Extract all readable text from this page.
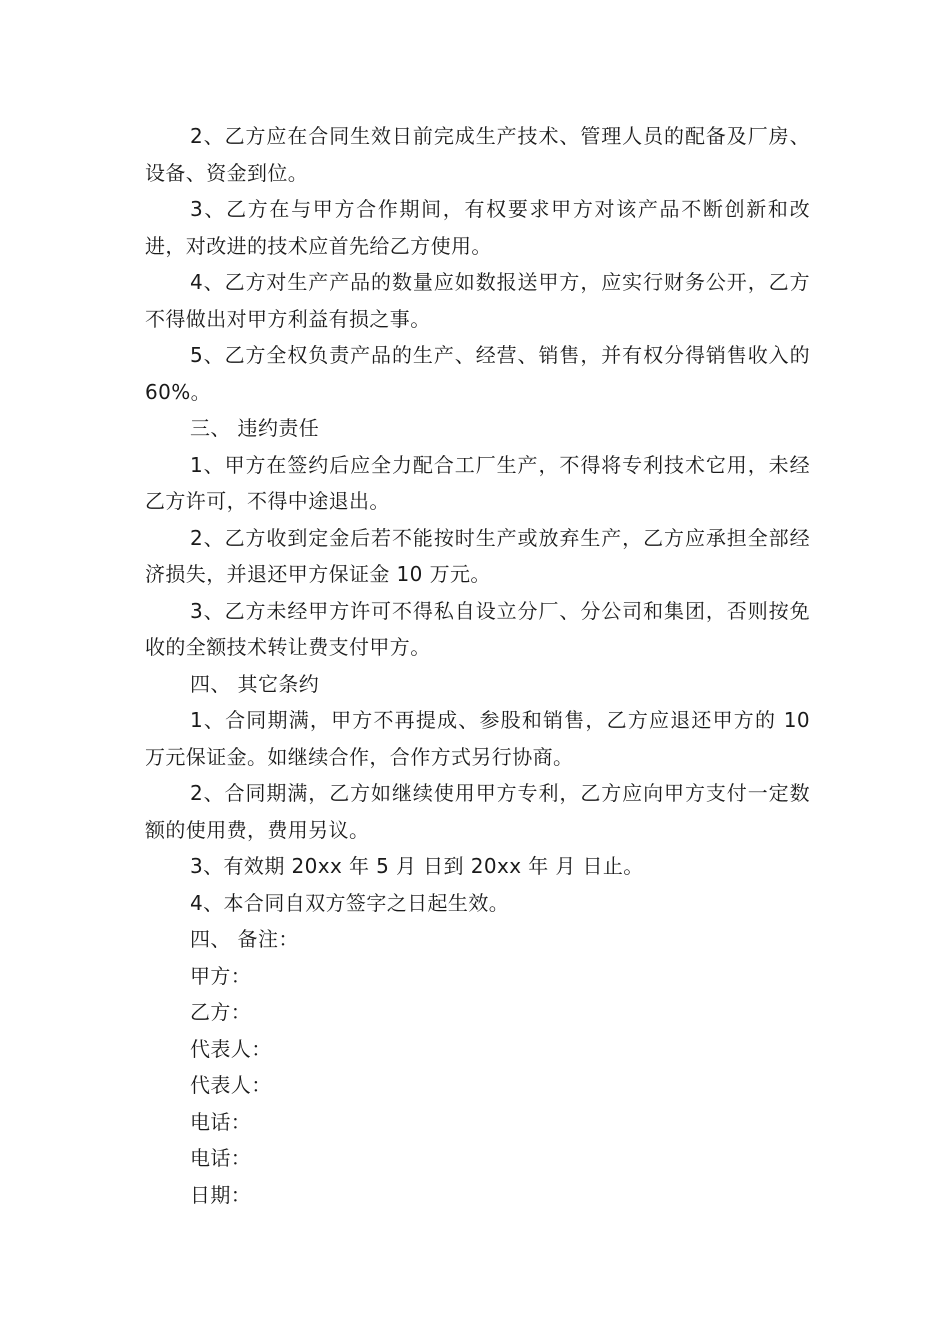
2、乙方应在合同生效日前完成生产技术、管理人员的配备及厂房、设备、资金到位。

3、乙方在与甲方合作期间，有权要求甲方对该产品不断创新和改进，对改进的技术应首先给乙方使用。

4、乙方对生产产品的数量应如数报送甲方，应实行财务公开，乙方不得做出对甲方利益有损之事。

5、乙方全权负责产品的生产、经营、销售，并有权分得销售收入的 60%。

三、 违约责任

1、甲方在签约后应全力配合工厂生产，不得将专利技术它用，未经乙方许可，不得中途退出。

2、乙方收到定金后若不能按时生产或放弃生产，乙方应承担全部经济损失，并退还甲方保证金 10 万元。

3、乙方未经甲方许可不得私自设立分厂、分公司和集团，否则按免收的全额技术转让费支付甲方。

四、 其它条约

1、合同期满，甲方不再提成、参股和销售，乙方应退还甲方的 10 万元保证金。如继续合作，合作方式另行协商。

2、合同期满，乙方如继续使用甲方专利，乙方应向甲方支付一定数额的使用费，费用另议。

3、有效期 20xx 年 5 月 日到 20xx 年 月 日止。

4、本合同自双方签字之日起生效。

四、 备注：

甲方：

乙方：

代表人：

代表人：

电话：

电话：

日期：
